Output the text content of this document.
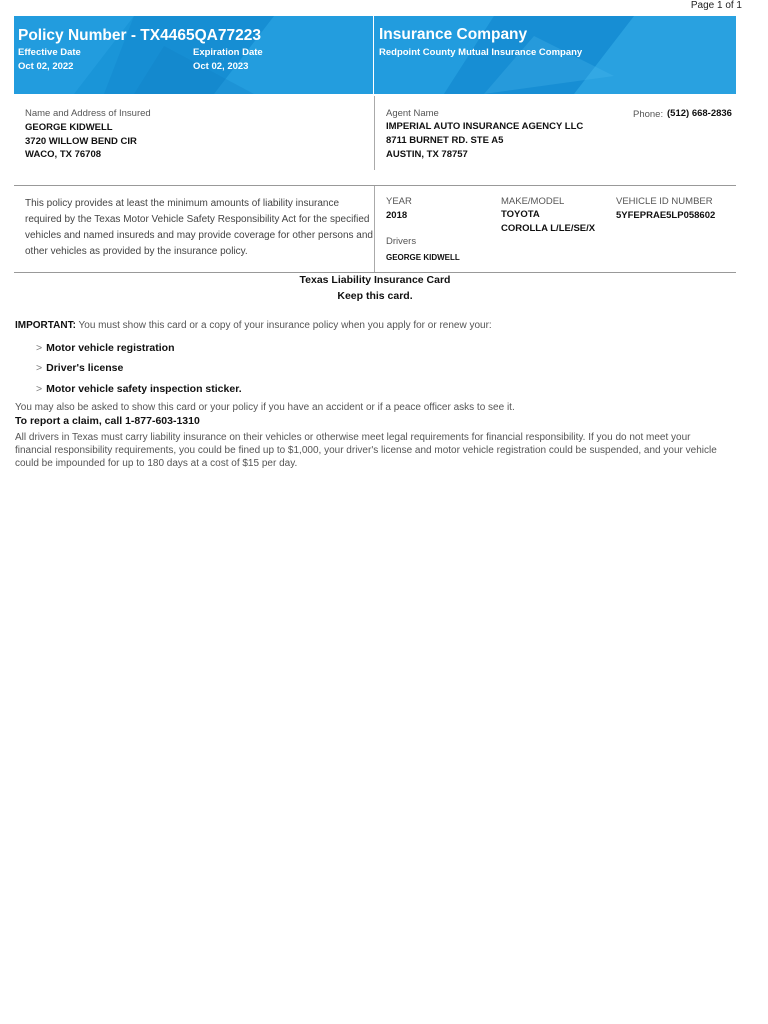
Page 1 of 1
Policy Number - TX4465QA77223
Effective Date
Oct 02, 2022
Expiration Date
Oct 02, 2023
Insurance Company
Redpoint County Mutual Insurance Company
Name and Address of Insured
GEORGE KIDWELL
3720 WILLOW BEND CIR
WACO, TX 76708
Agent Name
IMPERIAL AUTO INSURANCE AGENCY LLC
8711 BURNET RD. STE A5
AUSTIN, TX 78757
Phone: (512) 668-2836
This policy provides at least the minimum amounts of liability insurance required by the Texas Motor Vehicle Safety Responsibility Act for the specified vehicles and named insureds and may provide coverage for other persons and other vehicles as provided by the insurance policy.
YEAR
2018
MAKE/MODEL
TOYOTA
COROLLA L/LE/SE/X
VEHICLE ID NUMBER
5YFEPRAE5LP058602
Drivers
GEORGE KIDWELL
Texas Liability Insurance Card
Keep this card.
IMPORTANT: You must show this card or a copy of your insurance policy when you apply for or renew your:
> Motor vehicle registration
> Driver's license
> Motor vehicle safety inspection sticker.
You may also be asked to show this card or your policy if you have an accident or if a peace officer asks to see it.
To report a claim, call 1-877-603-1310
All drivers in Texas must carry liability insurance on their vehicles or otherwise meet legal requirements for financial responsibility. If you do not meet your financial responsibility requirements, you could be fined up to $1,000, your driver's license and motor vehicle registration could be suspended, and your vehicle could be impounded for up to 180 days at a cost of $15 per day.
